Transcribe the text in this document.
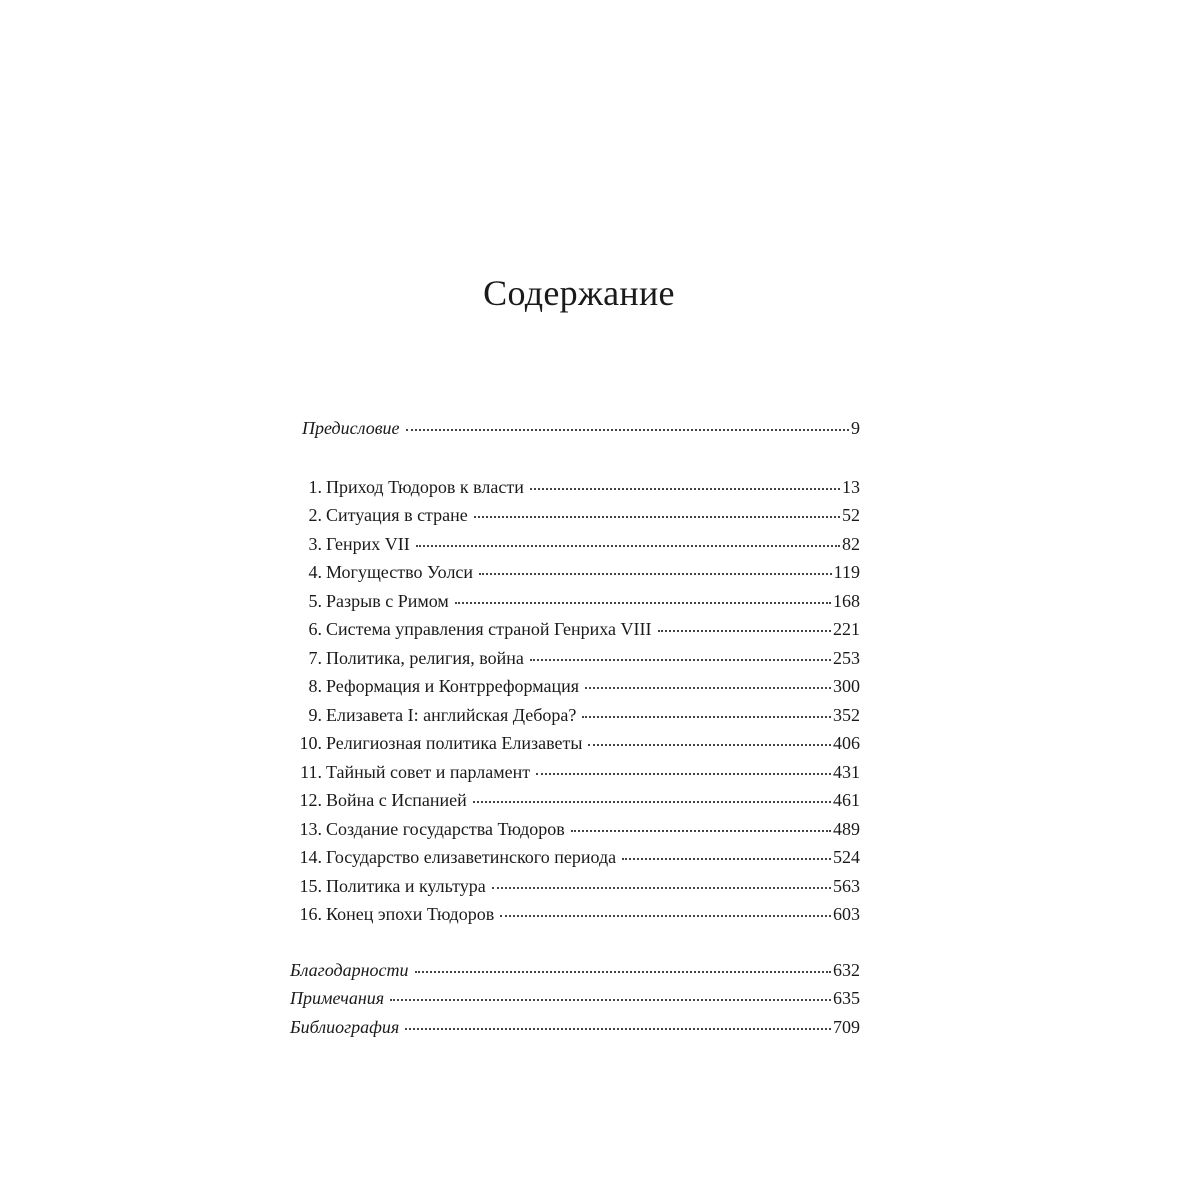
Содержание
Предисловие	9
1. Приход Тюдоров к власти	13
2. Ситуация в стране	52
3. Генрих VII	82
4. Могущество Уолси	119
5. Разрыв с Римом	168
6. Система управления страной Генриха VIII	221
7. Политика, религия, война	253
8. Реформация и Контрреформация	300
9. Елизавета I: английская Дебора?	352
10. Религиозная политика Елизаветы	406
11. Тайный совет и парламент	431
12. Война с Испанией	461
13. Создание государства Тюдоров	489
14. Государство елизаветинского периода	524
15. Политика и культура	563
16. Конец эпохи Тюдоров	603
Благодарности	632
Примечания	635
Библиография	709
